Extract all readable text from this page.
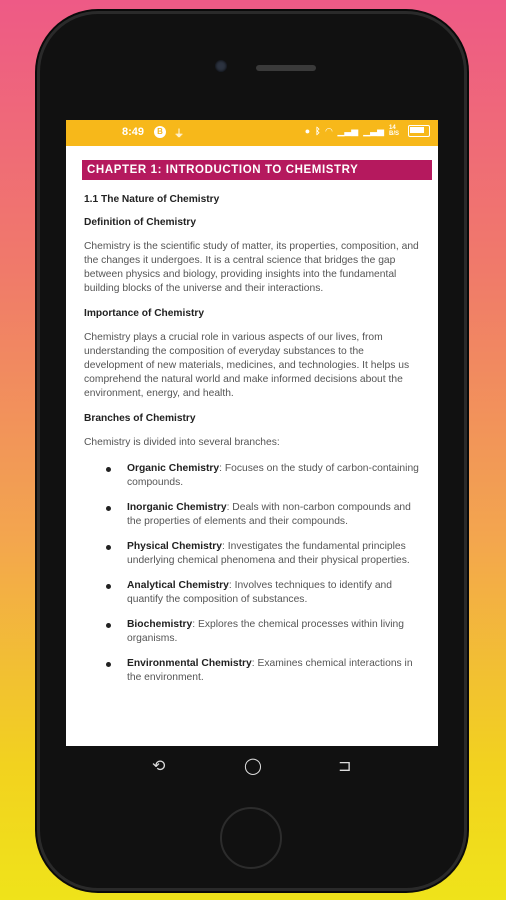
8:49	B	⏚	● ᛒ ◠ ▁▃▅ ▁▃▅ 14 B/S
CHAPTER 1: INTRODUCTION TO CHEMISTRY
1.1 The Nature of Chemistry
Definition of Chemistry
Chemistry is the scientific study of matter, its properties, composition, and the changes it undergoes. It is a central science that bridges the gap between physics and biology, providing insights into the fundamental building blocks of the universe and their interactions.
Importance of Chemistry
Chemistry plays a crucial role in various aspects of our lives, from understanding the composition of everyday substances to the development of new materials, medicines, and technologies. It helps us comprehend the natural world and make informed decisions about the environment, energy, and health.
Branches of Chemistry
Chemistry is divided into several branches:
Organic Chemistry: Focuses on the study of carbon-containing compounds.
Inorganic Chemistry: Deals with non-carbon compounds and the properties of elements and their compounds.
Physical Chemistry: Investigates the fundamental principles underlying chemical phenomena and their physical properties.
Analytical Chemistry: Involves techniques to identify and quantify the composition of substances.
Biochemistry: Explores the chemical processes within living organisms.
Environmental Chemistry: Examines chemical interactions in the environment.
⟲	◯	⊐
